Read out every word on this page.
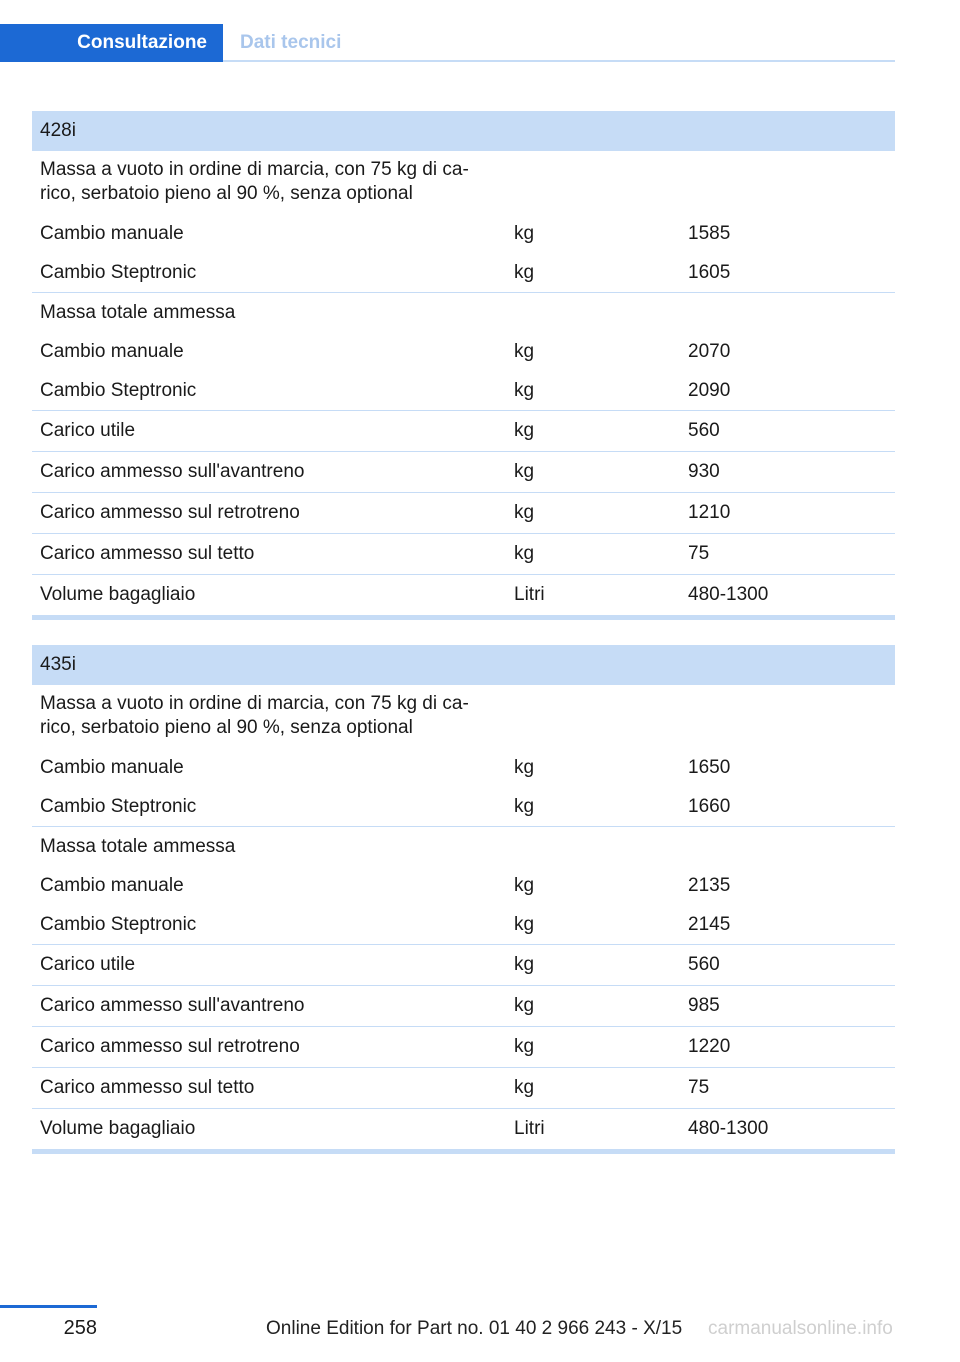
Consultazione Dati tecnici
428i
Massa a vuoto in ordine di marcia, con 75 kg di ca-
rico, serbatoio pieno al 90 %, senza optional
Cambio manuale	kg	1585
Cambio Steptronic	kg	1605
Massa totale ammessa
Cambio manuale	kg	2070
Cambio Steptronic	kg	2090
Carico utile	kg	560
Carico ammesso sull'avantreno	kg	930
Carico ammesso sul retrotreno	kg	1210
Carico ammesso sul tetto	kg	75
Volume bagagliaio	Litri	480-1300
435i
Massa a vuoto in ordine di marcia, con 75 kg di ca-
rico, serbatoio pieno al 90 %, senza optional
Cambio manuale	kg	1650
Cambio Steptronic	kg	1660
Massa totale ammessa
Cambio manuale	kg	2135
Cambio Steptronic	kg	2145
Carico utile	kg	560
Carico ammesso sull'avantreno	kg	985
Carico ammesso sul retrotreno	kg	1220
Carico ammesso sul tetto	kg	75
Volume bagagliaio	Litri	480-1300
258	Online Edition for Part no. 01 40 2 966 243 - X/15 carmanualsonline.info
